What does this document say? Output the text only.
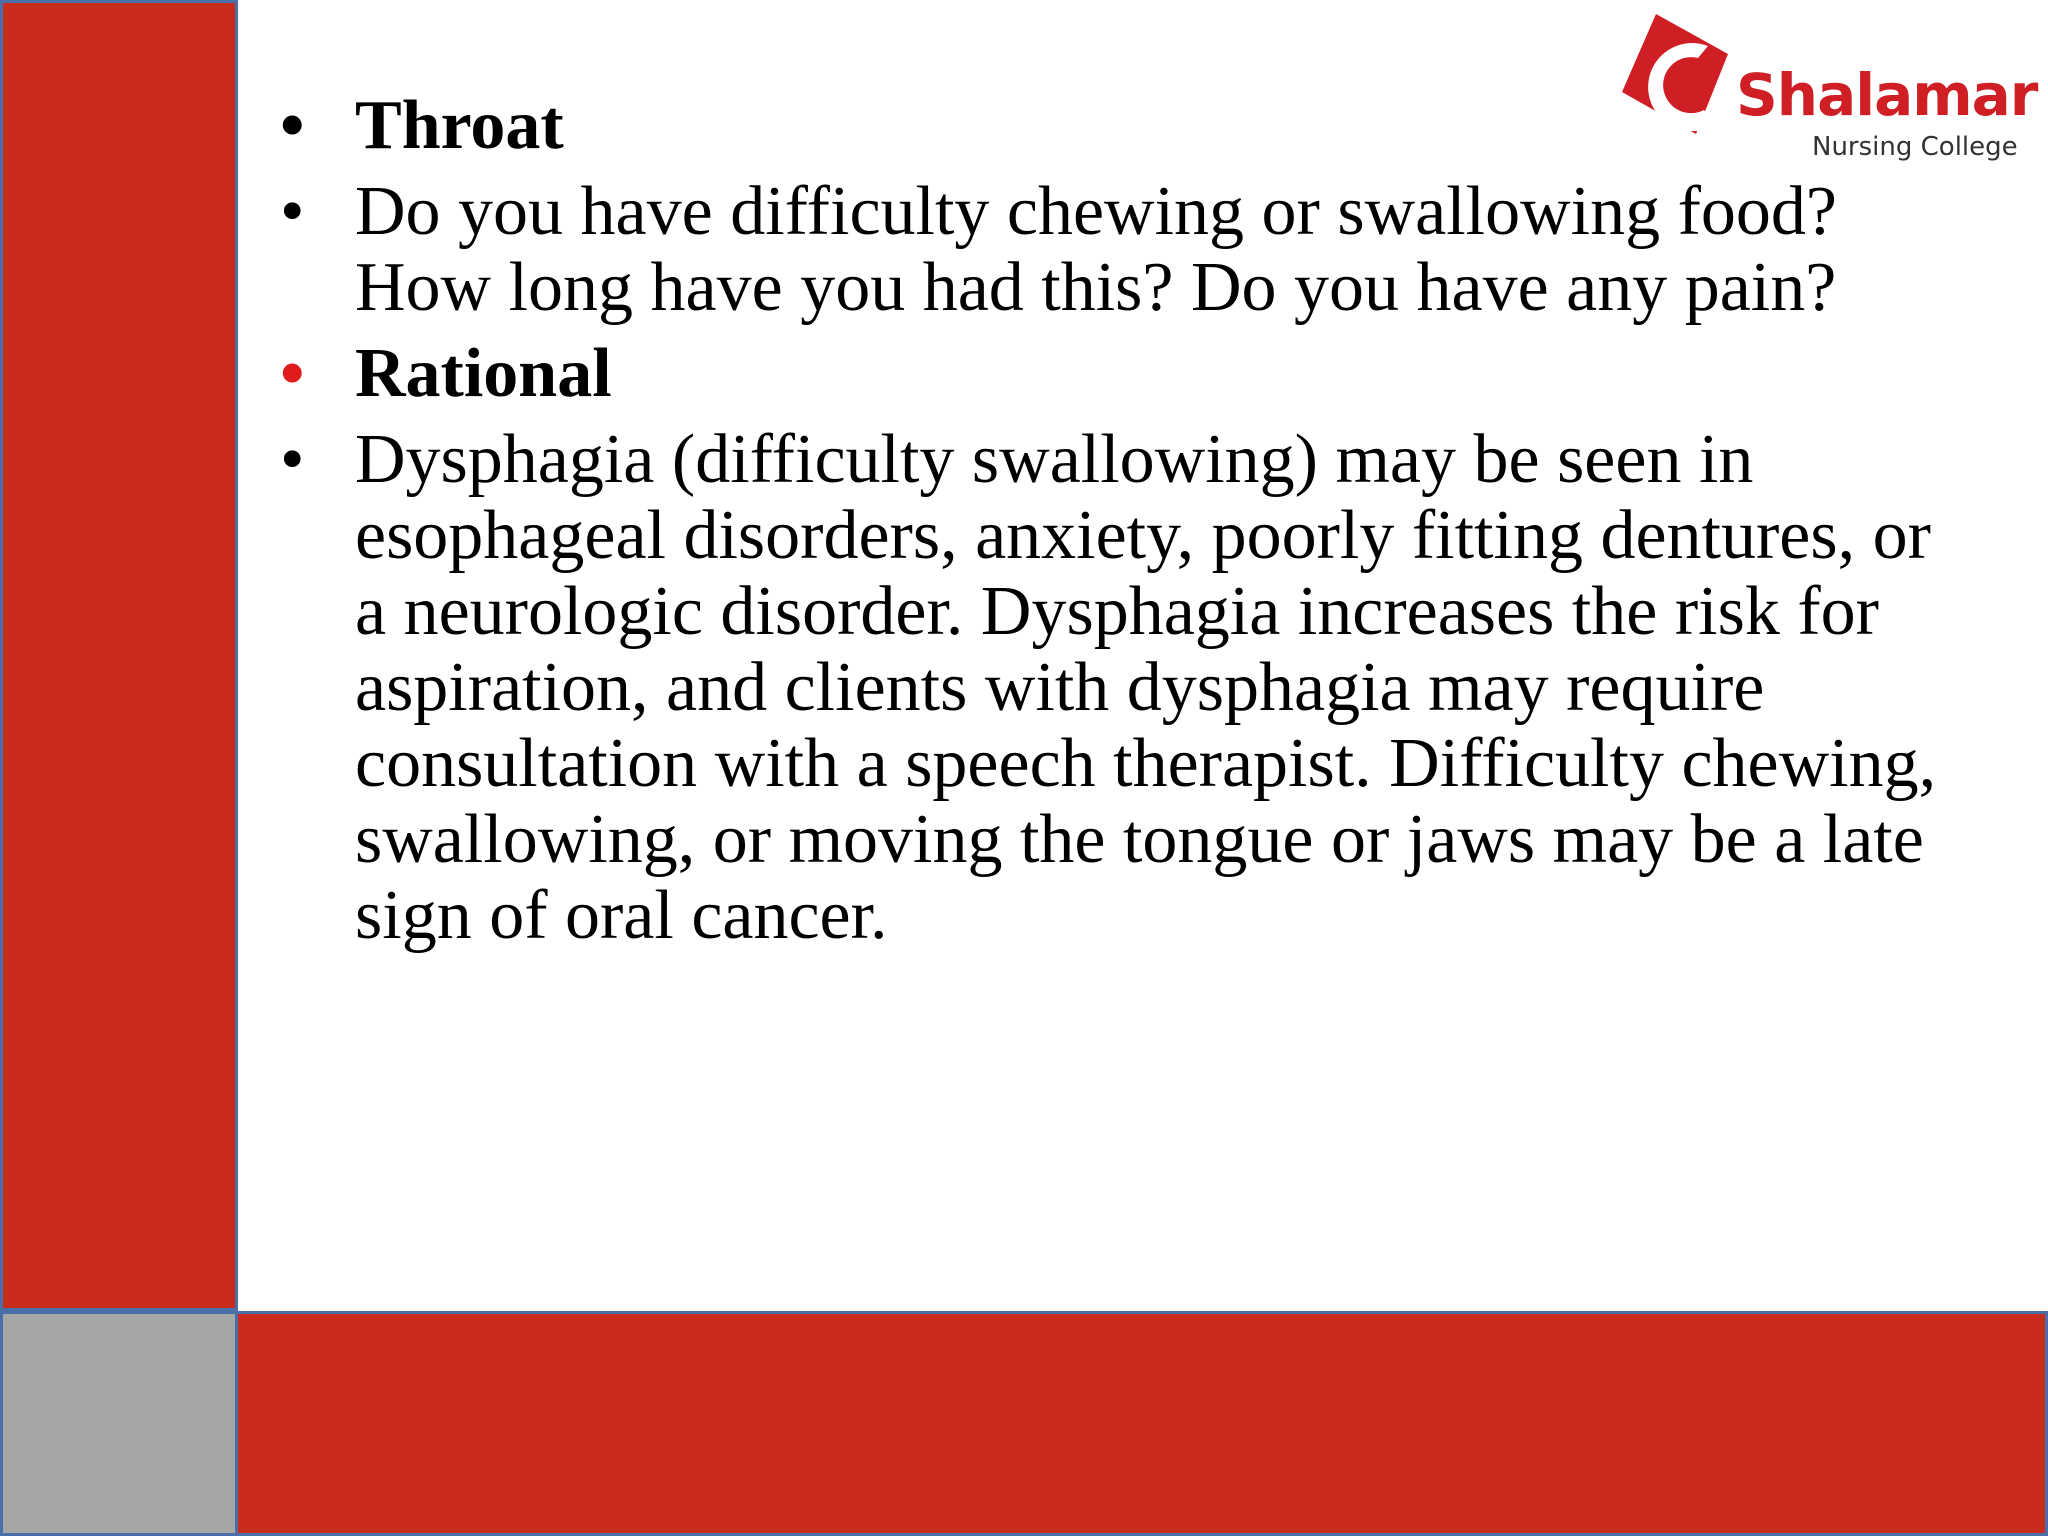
Shalamar
Nursing College
• Throat
• Do you have difficulty chewing or swallowing food? How long have you had this? Do you have any pain?
• Rational
• Dysphagia (difficulty swallowing) may be seen in esophageal disorders, anxiety, poorly fitting dentures, or a neurologic disorder. Dysphagia increases the risk for aspiration, and clients with dysphagia may require consultation with a speech therapist. Difficulty chewing, swallowing, or moving the tongue or jaws may be a late sign of oral cancer.
